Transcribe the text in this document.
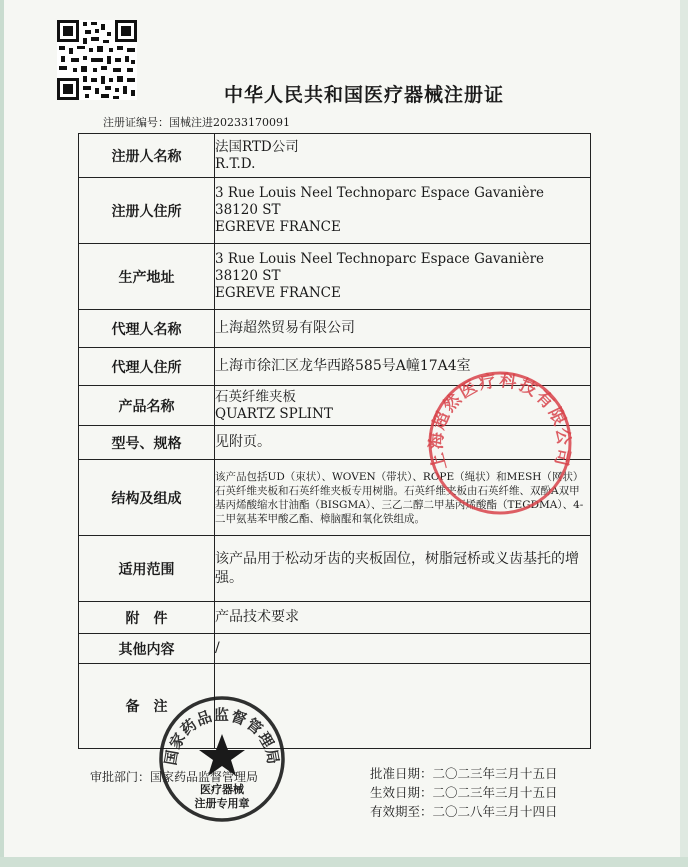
中华人民共和国医疗器械注册证
注册证编号：国械注进20233170091
注册人名称	法国RTD公司
R.T.D.

注册人住所	3 Rue Louis Neel Technoparc Espace Gavanière 38120 ST
EGREVE FRANCE

生产地址	3 Rue Louis Neel Technoparc Espace Gavanière 38120 ST
EGREVE FRANCE

代理人名称	上海超然贸易有限公司
代理人住所	上海市徐汇区龙华西路585号A幢17A4室
产品名称	石英纤维夹板
QUARTZ SPLINT

型号、规格	见附页。
结构及组成	该产品包括UD（束状）、WOVEN（带状）、ROPE（绳状）和MESH（网状）石英纤维夹板和石英纤维夹板专用树脂。石英纤维夹板由石英纤维、双酚A双甲基丙烯酸缩水甘油酯（BISGMA）、三乙二醇二甲基丙烯酸酯（TEGDMA）、4-二甲氨基苯甲酸乙酯、樟脑醌和氧化铁组成。
适用范围	该产品用于松动牙齿的夹板固位，树脂冠桥或义齿基托的增强。
附　件	产品技术要求
其他内容	/
备　注	
审批部门：国家药品监督管理局	批准日期：二〇二三年三月十五日
生效日期：二〇二三年三月十五日
有效期至：二〇二八年三月十四日
上海超然医疗科技有限公司
国家药品监督管理局
医疗器械
注册专用章
